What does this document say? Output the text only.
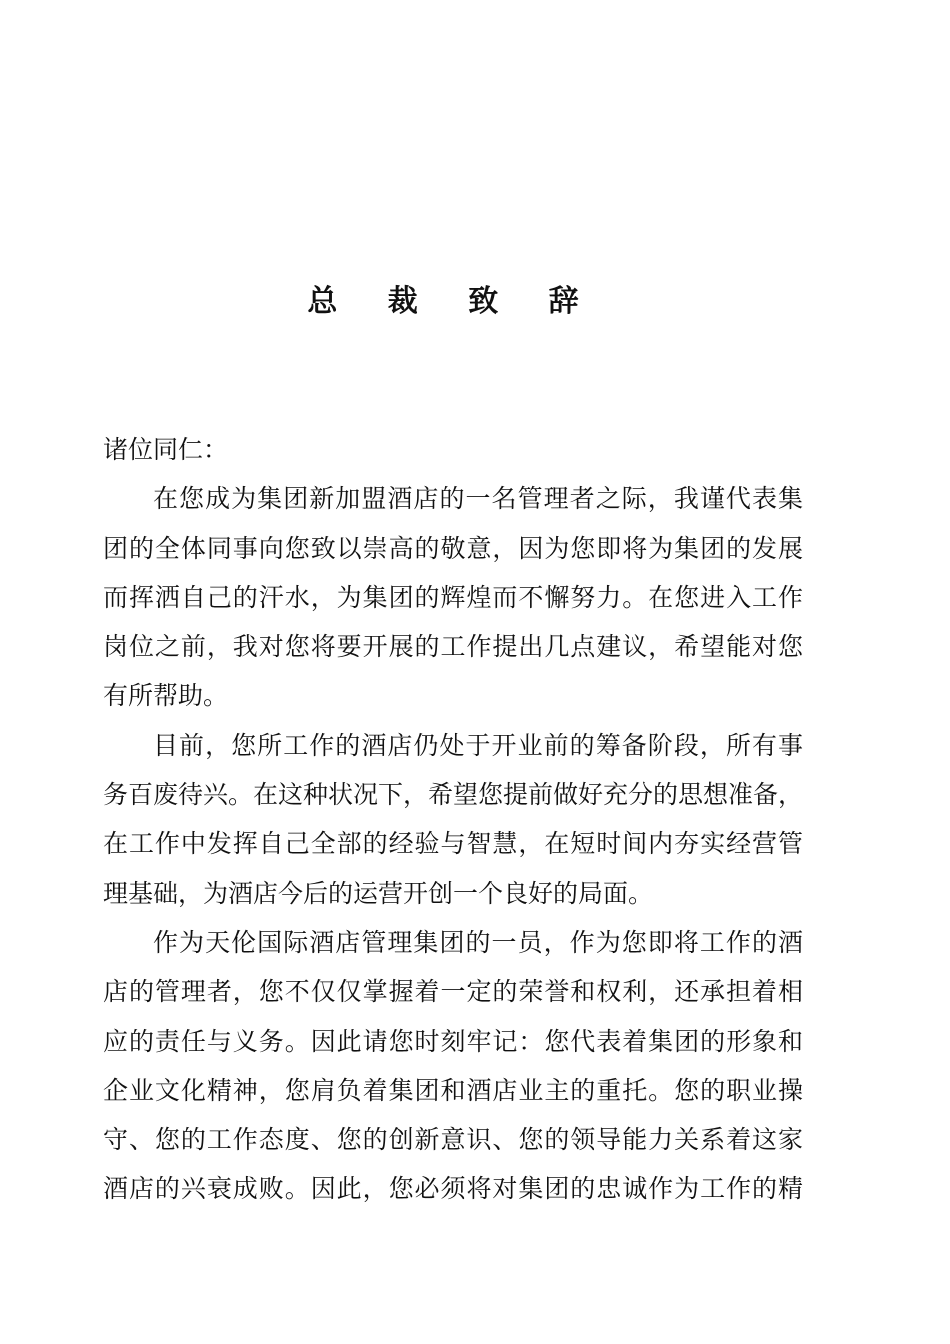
总 裁 致 辞
诸位同仁：
在您成为集团新加盟酒店的一名管理者之际，我谨代表集
团的全体同事向您致以崇高的敬意，因为您即将为集团的发展
而挥洒自己的汗水，为集团的辉煌而不懈努力。在您进入工作
岗位之前，我对您将要开展的工作提出几点建议，希望能对您
有所帮助。
目前，您所工作的酒店仍处于开业前的筹备阶段，所有事
务百废待兴。在这种状况下，希望您提前做好充分的思想准备，
在工作中发挥自己全部的经验与智慧，在短时间内夯实经营管
理基础，为酒店今后的运营开创一个良好的局面。
作为天伦国际酒店管理集团的一员，作为您即将工作的酒
店的管理者，您不仅仅掌握着一定的荣誉和权利，还承担着相
应的责任与义务。因此请您时刻牢记：您代表着集团的形象和
企业文化精神，您肩负着集团和酒店业主的重托。您的职业操
守、您的工作态度、您的创新意识、您的领导能力关系着这家
酒店的兴衰成败。因此，您必须将对集团的忠诚作为工作的精
